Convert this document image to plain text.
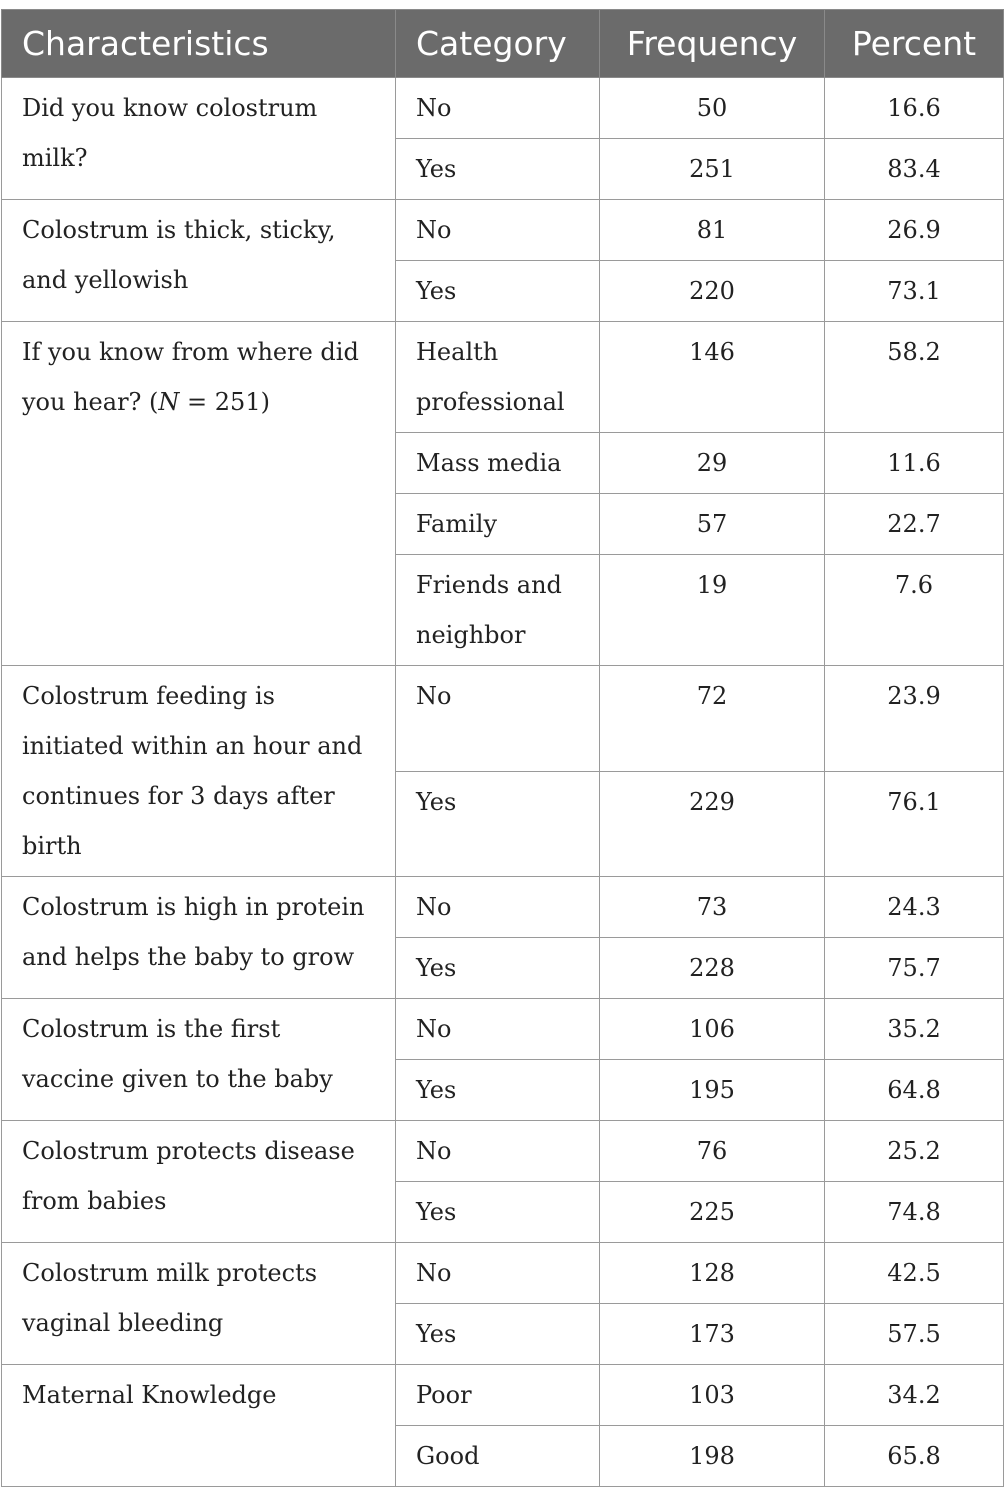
Characteristics	Category	Frequency	Percent
Did you know colostrum milk?	No	50	16.6
	Yes	251	83.4
Colostrum is thick, sticky, and yellowish	No	81	26.9
	Yes	220	73.1
If you know from where did you hear? (N = 251)	Health professional	146	58.2
	Mass media	29	11.6
	Family	57	22.7
	Friends and neighbor	19	7.6
Colostrum feeding is initiated within an hour and continues for 3 days after birth	No	72	23.9
	Yes	229	76.1
Colostrum is high in protein and helps the baby to grow	No	73	24.3
	Yes	228	75.7
Colostrum is the first vaccine given to the baby	No	106	35.2
	Yes	195	64.8
Colostrum protects disease from babies	No	76	25.2
	Yes	225	74.8
Colostrum milk protects vaginal bleeding	No	128	42.5
	Yes	173	57.5
Maternal Knowledge	Poor	103	34.2
	Good	198	65.8
